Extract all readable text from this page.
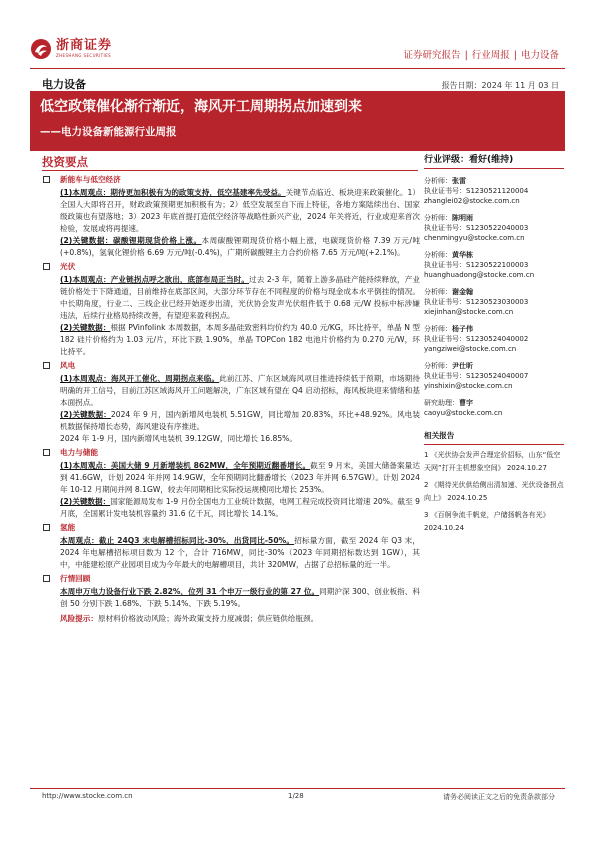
浙商证券
ZHESHANG SECURITIES	证券研究报告 | 行业周报 | 电力设备
电力设备	报告日期：2024 年 11 月 03 日
低空政策催化渐行渐近，海风开工周期拐点加速到来
——电力设备新能源行业周报
投资要点
新能车与低空经济
(1)本周观点：期待更加积极有为的政策支持，低空基建率先受益。关键节点临近、板块迎来政策催化。1）全国人大即将召开，财政政策预期更加积极有为；2）低空发展至自下而上特征，各地方案陆续出台、国家级政策也有望落地；3）2023 年底首提打造低空经济等战略性新兴产业，2024 年关将近，行业或迎来首次检验，发展或将再提速。
(2)关键数据：碳酸锂期现货价格上涨。本周碳酸锂期现货价格小幅上涨，电碳现货价格 7.39 万元/吨(+0.8%)，氢氧化锂价格 6.69 万元/吨(-0.4%)，广期所碳酸锂主力合约价格 7.65 万元/吨(+2.1%)。
光伏
(1)本周观点：产业链拐点呼之欲出，底部布局正当时。过去 2-3 年，随着上游多晶硅产能持续释放，产业链价格处于下降通道，目前维持在底部区间，大部分环节存在不同程度的价格与现金成本水平倒挂的情况。中长期角度，行业二、三线企业已经开始逐步出清，光伏协会发声光伏组件低于 0.68 元/W 投标中标涉嫌违法，后续行业格局持续改善，有望迎来盈利拐点。
(2)关键数据：根据 PVinfolink 本周数据，本周多晶硅致密料均价约为 40.0 元/KG，环比持平，单晶 N 型 182 硅片价格约为 1.03 元/片，环比下跌 1.90%，单晶 TOPCon 182 电池片价格约为 0.270 元/W，环比持平。
风电
(1)本周观点：海风开工催化、周期拐点来临。此前江苏、广东区域海风项目推进持续低于预期，市场期待明确的开工信号，目前江苏区域海风开工问题解决，广东区域有望在 Q4 启动招标，海风板块迎来情绪和基本面拐点。
(2)关键数据：2024 年 9 月，国内新增风电装机 5.51GW，同比增加 20.83%，环比+48.92%。风电装机数据保持增长态势，海风建设有序推进。
2024 年 1-9 月，国内新增风电装机 39.12GW，同比增长 16.85%。
电力与储能
(1)本周观点：美国大储 9 月新增装机 862MW，全年预期近翻番增长。截至 9 月末，美国大储备案量达到 41.6GW，计划 2024 年并网 14.9GW，全年预期同比翻番增长（2023 年并网 6.57GW）。计划 2024 年 10-12 月期间并网 8.1GW，较去年同期相比实际投运规模同比增长 253%。
(2)关键数据：国家能源局发布 1-9 月份全国电力工业统计数据，电网工程完成投资同比增速 20%。截至 9 月底，全国累计发电装机容量约 31.6 亿千瓦，同比增长 14.1%。
氢能
本周观点：截止 24Q3 末电解槽招标同比-30%，出货同比-50%。招标量方面，截至 2024 年 Q3 末，2024 年电解槽招标项目数为 12 个，合计 716MW，同比-30%（2023 年同期招标数达到 1GW），其中，中能建松原产业园项目成为今年最大的电解槽项目，共计 320MW，占据了总招标量的近一半。
行情回顾
本周申万电力设备行业下跌 2.82%，位列 31 个申万一级行业的第 27 位。同期沪深 300、创业板指、科创 50 分别下跌 1.68%、下跌 5.14%、下跌 5.19%。
风险提示：原材料价格波动风险；海外政策支持力度减弱；供应链供给瓶颈。
行业评级：看好(维持)
分析师：张雷
执业证书号：S1230521120004
zhanglei02@stocke.com.cn
分析师：陈明雨
执业证书号：S1230522040003
chenmingyu@stocke.com.cn
分析师：黄华栋
执业证书号：S1230522100003
huanghuadong@stocke.com.cn
分析师：谢金翰
执业证书号：S1230523030003
xiejinhan@stocke.com.cn
分析师：杨子伟
执业证书号：S1230524040002
yangziwei@stocke.com.cn
分析师：尹仕昕
执业证书号：S1230524040007
yinshixin@stocke.com.cn
研究助理：曹宇
caoyu@stocke.com.cn
相关报告
1 《光伏协会发声合理定价招标，山东“低空天网”打开主机想象空间》 2024.10.27
2 《期待光伏供给侧出清加速、光伏设备拐点向上》 2024.10.25
3 《百舸争流千帆竞，户储扬帆各有光》 2024.10.24
http://www.stocke.com.cn	1/28	请务必阅读正文之后的免责条款部分
